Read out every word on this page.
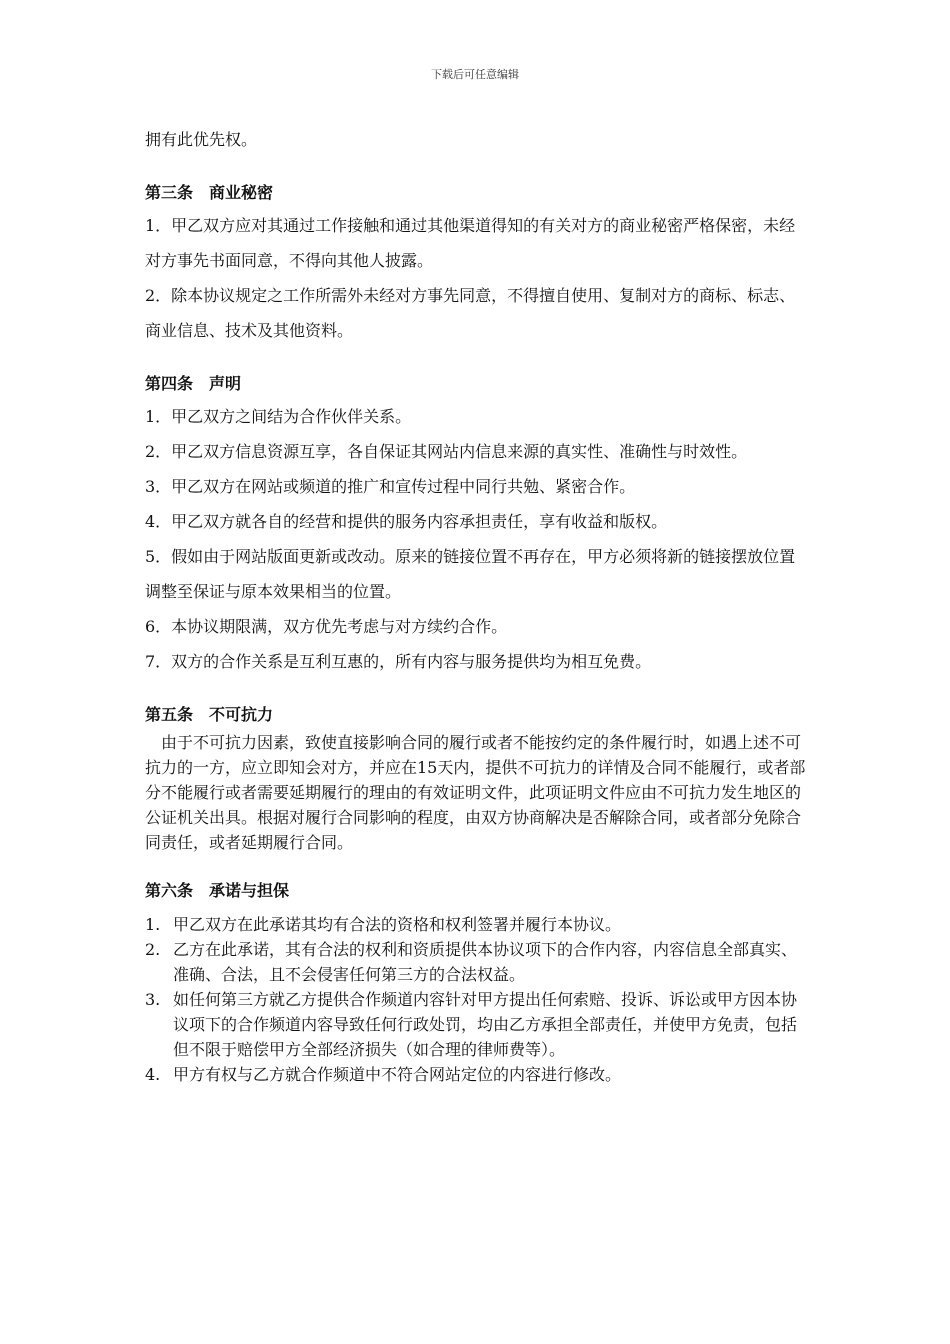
下载后可任意编辑

拥有此优先权。

第三条　商业秘密

1．甲乙双方应对其通过工作接触和通过其他渠道得知的有关对方的商业秘密严格保密，未经对方事先书面同意，不得向其他人披露。

2．除本协议规定之工作所需外未经对方事先同意，不得擅自使用、复制对方的商标、标志、商业信息、技术及其他资料。

第四条　声明

1．甲乙双方之间结为合作伙伴关系。

2．甲乙双方信息资源互享，各自保证其网站内信息来源的真实性、准确性与时效性。

3．甲乙双方在网站或频道的推广和宣传过程中同行共勉、紧密合作。

4．甲乙双方就各自的经营和提供的服务内容承担责任，享有收益和版权。

5．假如由于网站版面更新或改动。原来的链接位置不再存在，甲方必须将新的链接摆放位置调整至保证与原本效果相当的位置。

6．本协议期限满，双方优先考虑与对方续约合作。

7．双方的合作关系是互利互惠的，所有内容与服务提供均为相互免费。

第五条　不可抗力

由于不可抗力因素，致使直接影响合同的履行或者不能按约定的条件履行时，如遇上述不可抗力的一方，应立即知会对方，并应在15天内，提供不可抗力的详情及合同不能履行，或者部分不能履行或者需要延期履行的理由的有效证明文件，此项证明文件应由不可抗力发生地区的公证机关出具。根据对履行合同影响的程度，由双方协商解决是否解除合同，或者部分免除合同责任，或者延期履行合同。

第六条　承诺与担保

1. 甲乙双方在此承诺其均有合法的资格和权利签署并履行本协议。
2. 乙方在此承诺，其有合法的权利和资质提供本协议项下的合作内容，内容信息全部真实、准确、合法，且不会侵害任何第三方的合法权益。
3. 如任何第三方就乙方提供合作频道内容针对甲方提出任何索赔、投诉、诉讼或甲方因本协议项下的合作频道内容导致任何行政处罚，均由乙方承担全部责任，并使甲方免责，包括但不限于赔偿甲方全部经济损失（如合理的律师费等）。
4. 甲方有权与乙方就合作频道中不符合网站定位的内容进行修改。
